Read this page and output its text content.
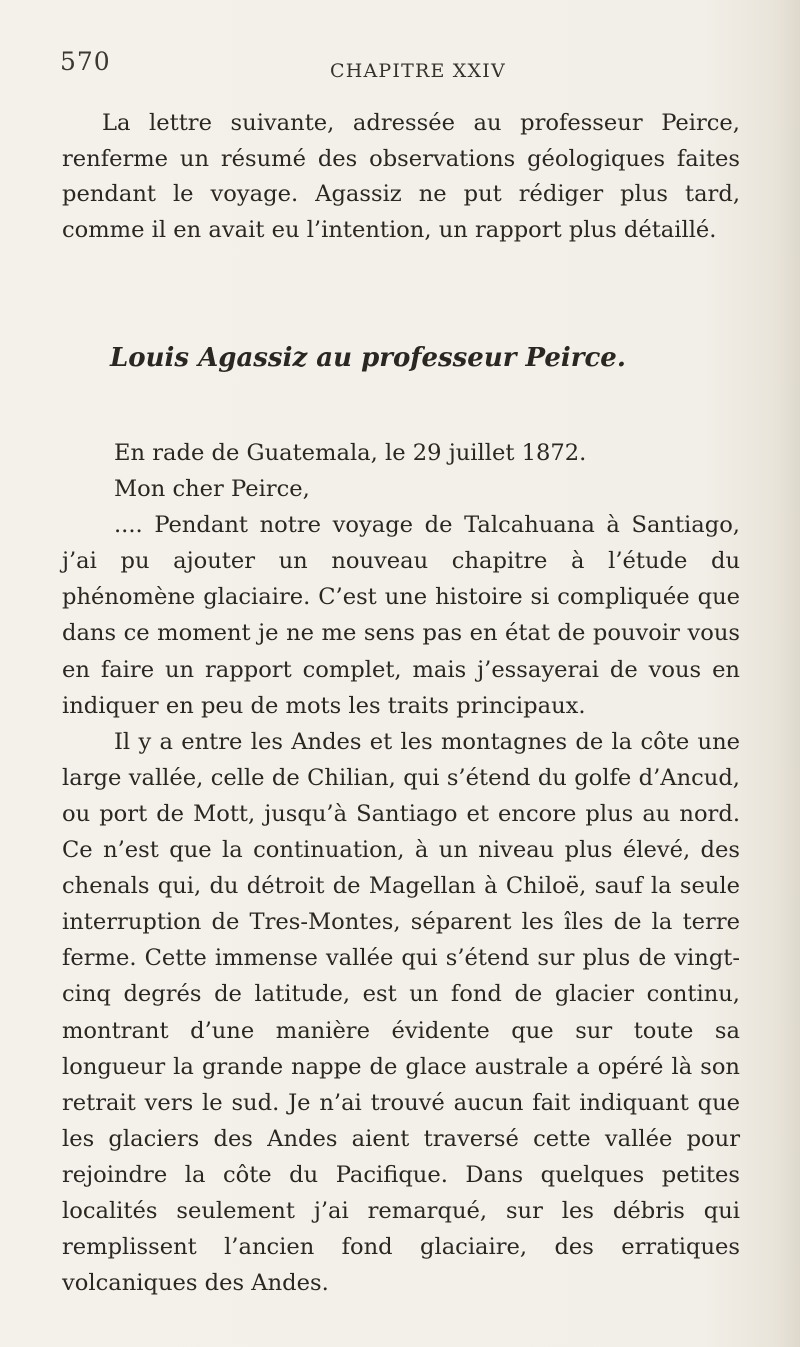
570	CHAPITRE XXIV

La lettre suivante, adressée au professeur Peirce, renferme un résumé des observations géologiques faites pendant le voyage. Agassiz ne put rédiger plus tard, comme il en avait eu l’intention, un rapport plus détaillé.

Louis Agassiz au professeur Peirce.

En rade de Guatemala, le 29 juillet 1872.

Mon cher Peirce,

.... Pendant notre voyage de Talcahuana à Santiago, j’ai pu ajouter un nouveau chapitre à l’étude du phénomène glaciaire. C’est une histoire si compliquée que dans ce moment je ne me sens pas en état de pouvoir vous en faire un rapport complet, mais j’essayerai de vous en indiquer en peu de mots les traits principaux.

Il y a entre les Andes et les montagnes de la côte une large vallée, celle de Chilian, qui s’étend du golfe d’Ancud, ou port de Mott, jusqu’à Santiago et encore plus au nord. Ce n’est que la continuation, à un niveau plus élevé, des chenals qui, du détroit de Magellan à Chiloë, sauf la seule interruption de Tres-Montes, séparent les îles de la terre ferme. Cette immense vallée qui s’étend sur plus de vingt-cinq degrés de latitude, est un fond de glacier continu, montrant d’une manière évidente que sur toute sa longueur la grande nappe de glace australe a opéré là son retrait vers le sud. Je n’ai trouvé aucun fait indiquant que les glaciers des Andes aient traversé cette vallée pour rejoindre la côte du Pacifique. Dans quelques petites localités seulement j’ai remarqué, sur les débris qui remplissent l’ancien fond glaciaire, des erratiques volcaniques des Andes.
